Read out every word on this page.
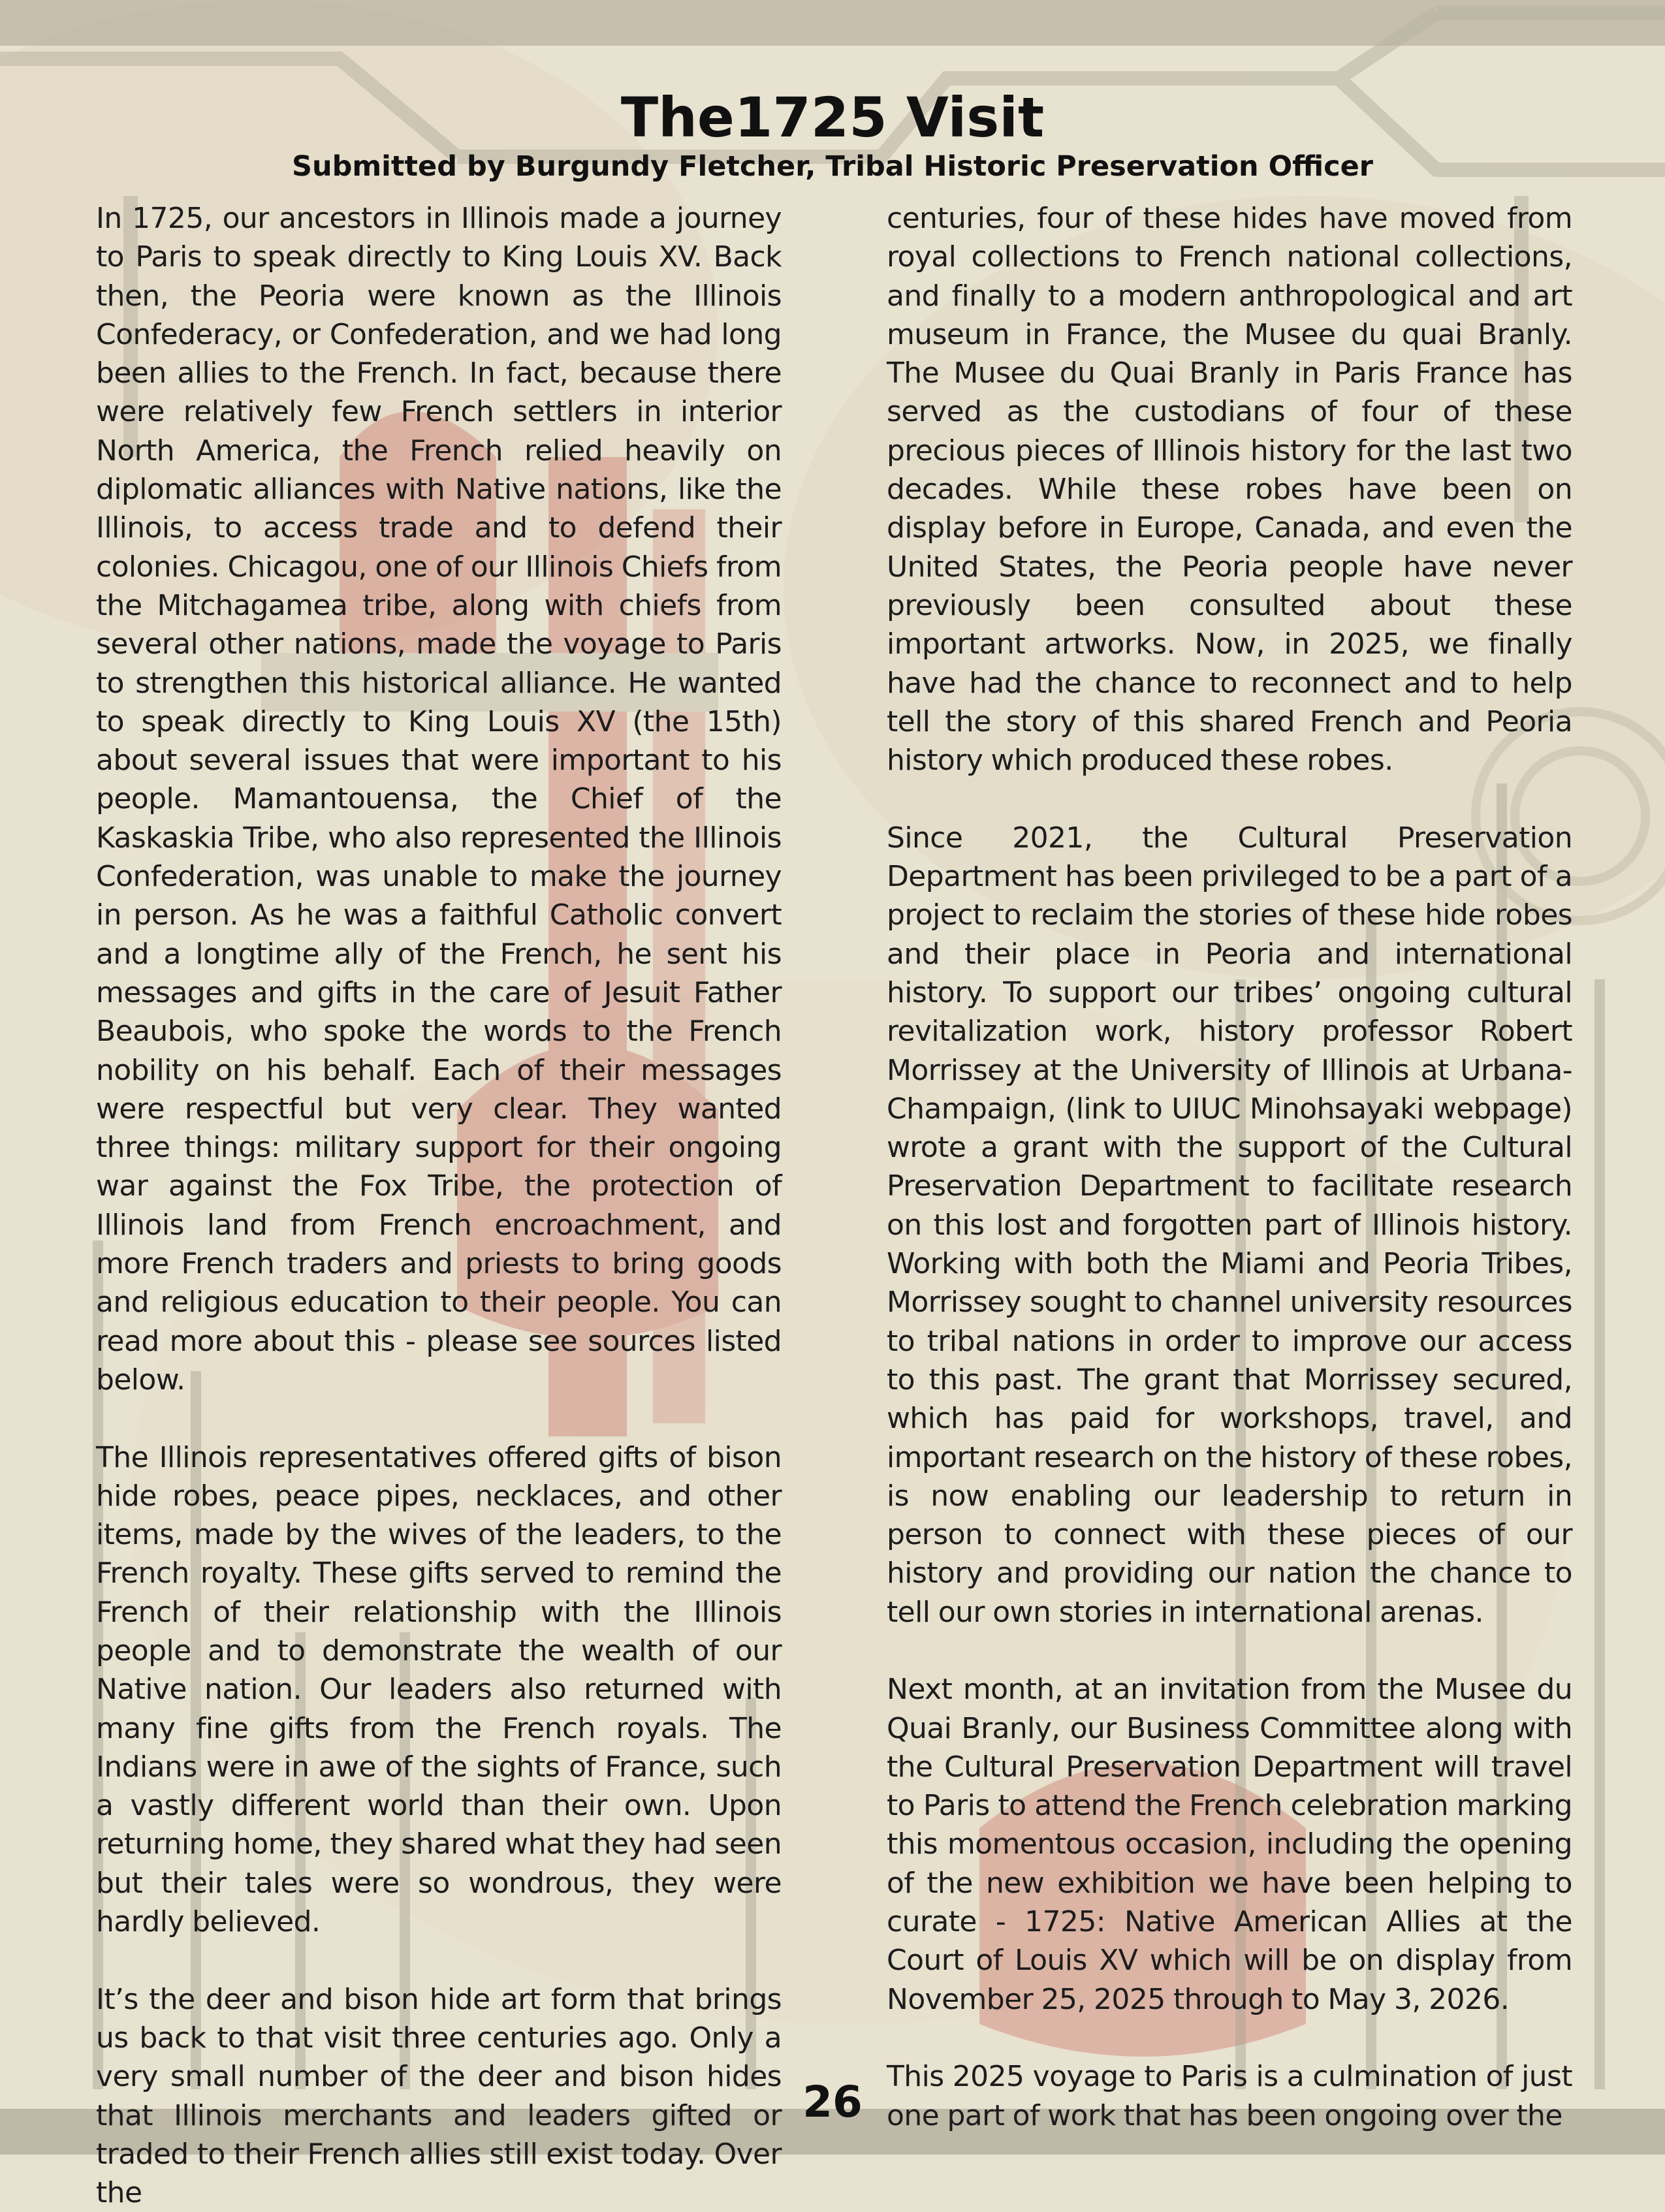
The1725 Visit
Submitted by Burgundy Fletcher, Tribal Historic Preservation Officer

In 1725, our ancestors in Illinois made a journey to Paris to speak directly to King Louis XV. Back then, the Peoria were known as the Illinois Confederacy, or Confederation, and we had long been allies to the French. In fact, because there were relatively few French settlers in interior North America, the French relied heavily on diplomatic alliances with Native nations, like the Illinois, to access trade and to defend their colonies. Chicagou, one of our Illinois Chiefs from the Mitchagamea tribe, along with chiefs from several other nations, made the voyage to Paris to strengthen this historical alliance. He wanted to speak directly to King Louis XV (the 15th) about several issues that were important to his people. Mamantouensa, the Chief of the Kaskaskia Tribe, who also represented the Illinois Confederation, was unable to make the journey in person. As he was a faithful Catholic convert and a longtime ally of the French, he sent his messages and gifts in the care of Jesuit Father Beaubois, who spoke the words to the French nobility on his behalf. Each of their messages were respectful but very clear. They wanted three things: military support for their ongoing war against the Fox Tribe, the protection of Illinois land from French encroachment, and more French traders and priests to bring goods and religious education to their people. You can read more about this - please see sources listed below.

The Illinois representatives offered gifts of bison hide robes, peace pipes, necklaces, and other items, made by the wives of the leaders, to the French royalty. These gifts served to remind the French of their relationship with the Illinois people and to demonstrate the wealth of our Native nation. Our leaders also returned with many fine gifts from the French royals. The Indians were in awe of the sights of France, such a vastly different world than their own. Upon returning home, they shared what they had seen but their tales were so wondrous, they were hardly believed.

It’s the deer and bison hide art form that brings us back to that visit three centuries ago. Only a very small number of the deer and bison hides that Illinois merchants and leaders gifted or traded to their French allies still exist today. Over the

centuries, four of these hides have moved from royal collections to French national collections, and finally to a modern anthropological and art museum in France, the Musee du quai Branly. The Musee du Quai Branly in Paris France has served as the custodians of four of these precious pieces of Illinois history for the last two decades. While these robes have been on display before in Europe, Canada, and even the United States, the Peoria people have never previously been consulted about these important artworks. Now, in 2025, we finally have had the chance to reconnect and to help tell the story of this shared French and Peoria history which produced these robes.

Since 2021, the Cultural Preservation Department has been privileged to be a part of a project to reclaim the stories of these hide robes and their place in Peoria and international history. To support our tribes’ ongoing cultural revitalization work, history professor Robert Morrissey at the University of Illinois at Urbana-Champaign, (link to UIUC Minohsayaki webpage) wrote a grant with the support of the Cultural Preservation Department to facilitate research on this lost and forgotten part of Illinois history. Working with both the Miami and Peoria Tribes, Morrissey sought to channel university resources to tribal nations in order to improve our access to this past. The grant that Morrissey secured, which has paid for workshops, travel, and important research on the history of these robes, is now enabling our leadership to return in person to connect with these pieces of our history and providing our nation the chance to tell our own stories in international arenas.

Next month, at an invitation from the Musee du Quai Branly, our Business Committee along with the Cultural Preservation Department will travel to Paris to attend the French celebration marking this momentous occasion, including the opening of the new exhibition we have been helping to curate - 1725: Native American Allies at the Court of Louis XV which will be on display from November 25, 2025 through to May 3, 2026.

This 2025 voyage to Paris is a culmination of just one part of work that has been ongoing over the

26
